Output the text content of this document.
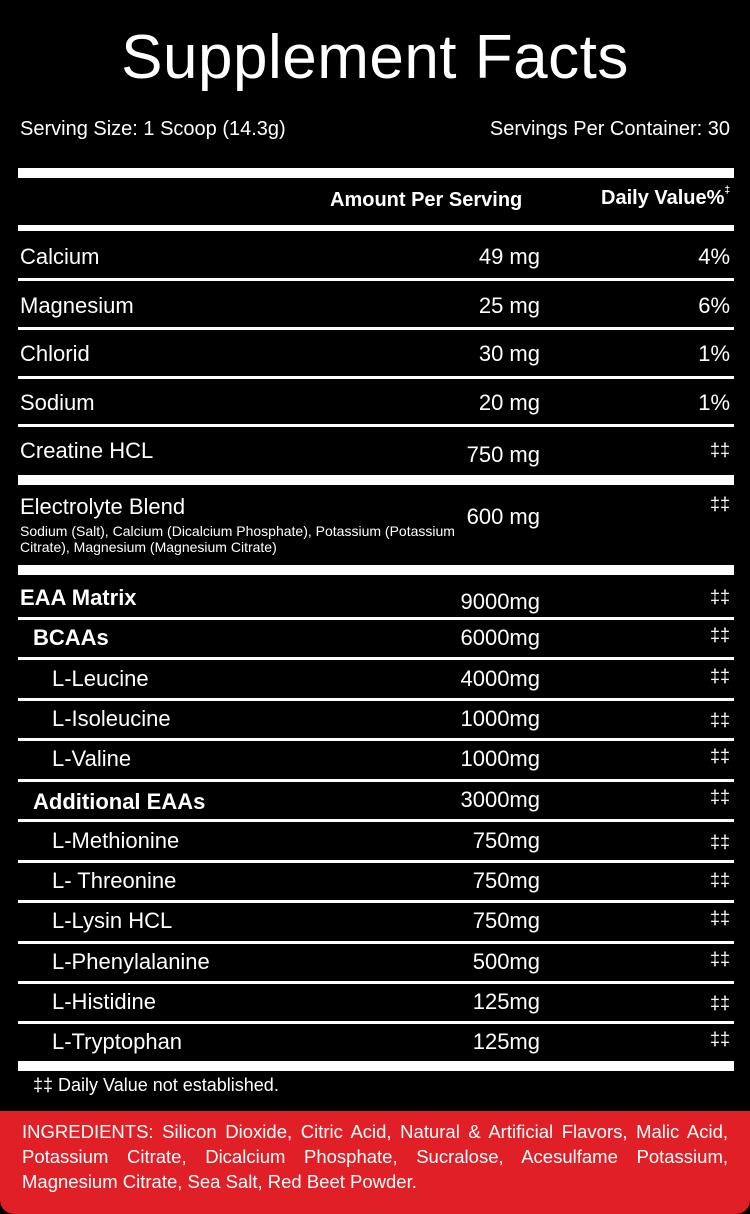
Supplement Facts
Serving Size: 1 Scoop (14.3g)	Servings Per Container: 30
Amount Per Serving	Daily Value%‡
Calcium	49 mg	4%
Magnesium	25 mg	6%
Chlorid	30 mg	1%
Sodium	20 mg	1%
Creatine HCL	750 mg	‡‡
Electrolyte Blend	600 mg	‡‡
Sodium (Salt), Calcium (Dicalcium Phosphate), Potassium (Potassium Citrate), Magnesium (Magnesium Citrate)
EAA Matrix	9000mg	‡‡
BCAAs	6000mg	‡‡
L-Leucine	4000mg	‡‡
L-Isoleucine	1000mg	‡‡
L-Valine	1000mg	‡‡
Additional EAAs	3000mg	‡‡
L-Methionine	750mg	‡‡
L- Threonine	750mg	‡‡
L-Lysin HCL	750mg	‡‡
L-Phenylalanine	500mg	‡‡
L-Histidine	125mg	‡‡
L-Tryptophan	125mg	‡‡
‡‡ Daily Value not established.
INGREDIENTS: Silicon Dioxide, Citric Acid, Natural & Artificial Flavors, Malic Acid, Potassium Citrate, Dicalcium Phosphate, Sucralose, Acesulfame Potassium, Magnesium Citrate, Sea Salt, Red Beet Powder.
